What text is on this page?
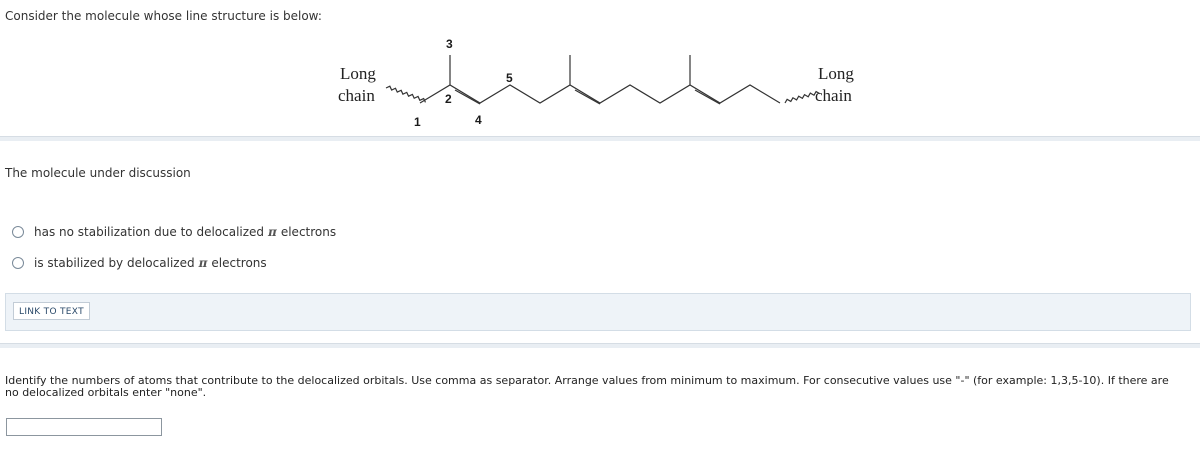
Consider the molecule whose line structure is below:
Long
chain
Long
chain
1
2
3
4
5
The molecule under discussion
has no stabilization due to delocalized π electrons
is stabilized by delocalized π electrons
LINK TO TEXT
Identify the numbers of atoms that contribute to the delocalized orbitals. Use comma as separator. Arrange values from minimum to maximum. For consecutive values use "-" (for example: 1,3,5-10). If there are no delocalized orbitals enter "none".
